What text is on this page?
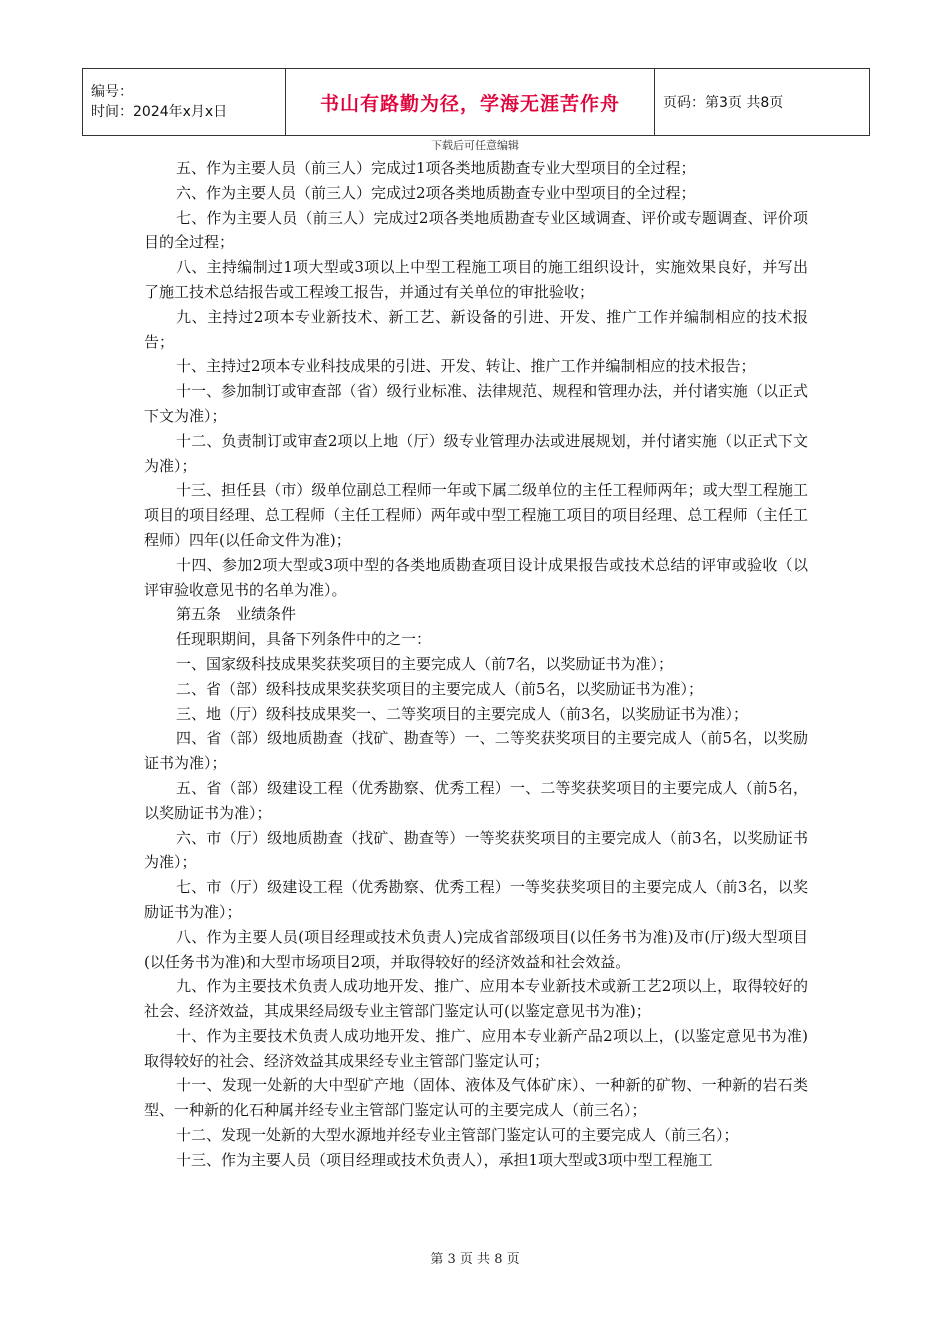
编号：
时间：2024年x月x日	书山有路勤为径，学海无涯苦作舟	页码：第3页 共8页
下载后可任意编辑

五、作为主要人员（前三人）完成过1项各类地质勘查专业大型项目的全过程；

六、作为主要人员（前三人）完成过2项各类地质勘查专业中型项目的全过程；

七、作为主要人员（前三人）完成过2项各类地质勘查专业区域调查、评价或专题调查、评价项目的全过程；

八、主持编制过1项大型或3项以上中型工程施工项目的施工组织设计，实施效果良好，并写出了施工技术总结报告或工程竣工报告，并通过有关单位的审批验收；

九、主持过2项本专业新技术、新工艺、新设备的引进、开发、推广工作并编制相应的技术报告；

十、主持过2项本专业科技成果的引进、开发、转让、推广工作并编制相应的技术报告；

十一、参加制订或审查部（省）级行业标准、法律规范、规程和管理办法，并付诸实施（以正式下文为准）；

十二、负责制订或审查2项以上地（厅）级专业管理办法或进展规划，并付诸实施（以正式下文为准）；

十三、担任县（市）级单位副总工程师一年或下属二级单位的主任工程师两年；或大型工程施工项目的项目经理、总工程师（主任工程师）两年或中型工程施工项目的项目经理、总工程师（主任工程师）四年(以任命文件为准)；

十四、参加2项大型或3项中型的各类地质勘查项目设计成果报告或技术总结的评审或验收（以评审验收意见书的名单为准）。

第五条　业绩条件

任现职期间，具备下列条件中的之一：

一、国家级科技成果奖获奖项目的主要完成人（前7名，以奖励证书为准）；

二、省（部）级科技成果奖获奖项目的主要完成人（前5名，以奖励证书为准）；

三、地（厅）级科技成果奖一、二等奖项目的主要完成人（前3名，以奖励证书为准）；

四、省（部）级地质勘查（找矿、勘查等）一、二等奖获奖项目的主要完成人（前5名，以奖励证书为准）；

五、省（部）级建设工程（优秀勘察、优秀工程）一、二等奖获奖项目的主要完成人（前5名，以奖励证书为准）；

六、市（厅）级地质勘查（找矿、勘查等）一等奖获奖项目的主要完成人（前3名，以奖励证书为准）；

七、市（厅）级建设工程（优秀勘察、优秀工程）一等奖获奖项目的主要完成人（前3名，以奖励证书为准）；

八、作为主要人员(项目经理或技术负责人)完成省部级项目(以任务书为准)及市(厅)级大型项目(以任务书为准)和大型市场项目2项，并取得较好的经济效益和社会效益。

九、作为主要技术负责人成功地开发、推广、应用本专业新技术或新工艺2项以上，取得较好的社会、经济效益，其成果经局级专业主管部门鉴定认可(以鉴定意见书为准)；

十、作为主要技术负责人成功地开发、推广、应用本专业新产品2项以上，(以鉴定意见书为准)取得较好的社会、经济效益其成果经专业主管部门鉴定认可；

十一、发现一处新的大中型矿产地（固体、液体及气体矿床）、一种新的矿物、一种新的岩石类型、一种新的化石种属并经专业主管部门鉴定认可的主要完成人（前三名）；

十二、发现一处新的大型水源地并经专业主管部门鉴定认可的主要完成人（前三名）；

十三、作为主要人员（项目经理或技术负责人），承担1项大型或3项中型工程施工

第 3 页 共 8 页
